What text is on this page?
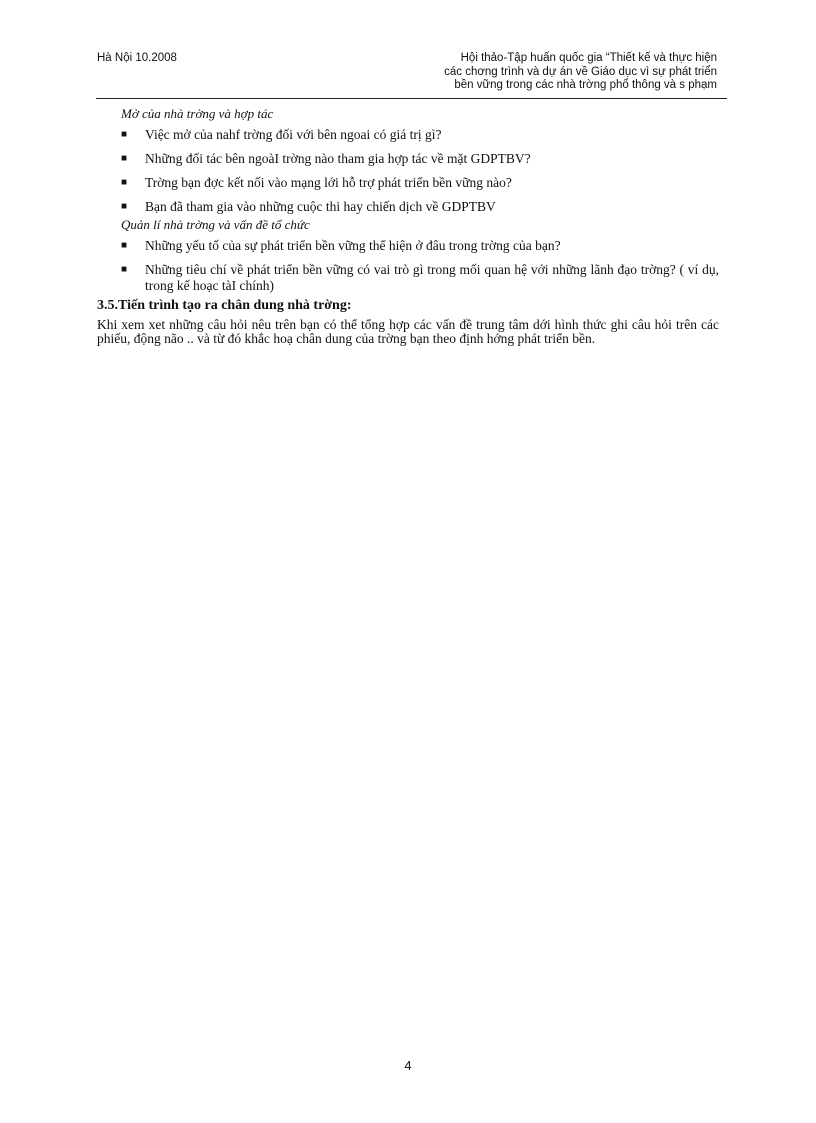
Hà Nội 10.2008	Hội thảo-Tập huấn quốc gia “Thiết kế và thực hiện
các chơng trình và dự án về Giáo dục vì sự phát triển
bền vững trong các nhà trờng phổ thông và s phạm

Mở của nhà trờng và hợp tác

■ Việc mở của nahf trờng đối với bên ngoai có giá trị gì?
■ Những đối tác bên ngoàI trờng nào tham gia hợp tác về mặt GDPTBV?
■ Trờng bạn đợc kết nối vào mạng lới hỗ trợ phát triển bền vững nào?
■ Bạn đã tham gia vào những cuộc thi hay chiến dịch về GDPTBV

Quản lí nhà trờng và vấn đề tổ chức

■ Những yếu tố của sự phát triển bền vững thể hiện ở đâu trong trờng của bạn?
■ Những tiêu chí về phát triển bền vững có vai trò gì trong mối quan hệ với những lãnh đạo trờng? ( ví dụ, trong kế hoạc tàI chính)

3.5.Tiến trình tạo ra chân dung nhà trờng:

Khi xem xet những câu hỏi nêu trên bạn có thể tổng hợp các vấn đề trung tâm dới hình thức ghi câu hỏi trên các phiếu, động não .. và từ đó khắc hoạ chân dung của trờng bạn theo định hớng phát triển bền.

4
